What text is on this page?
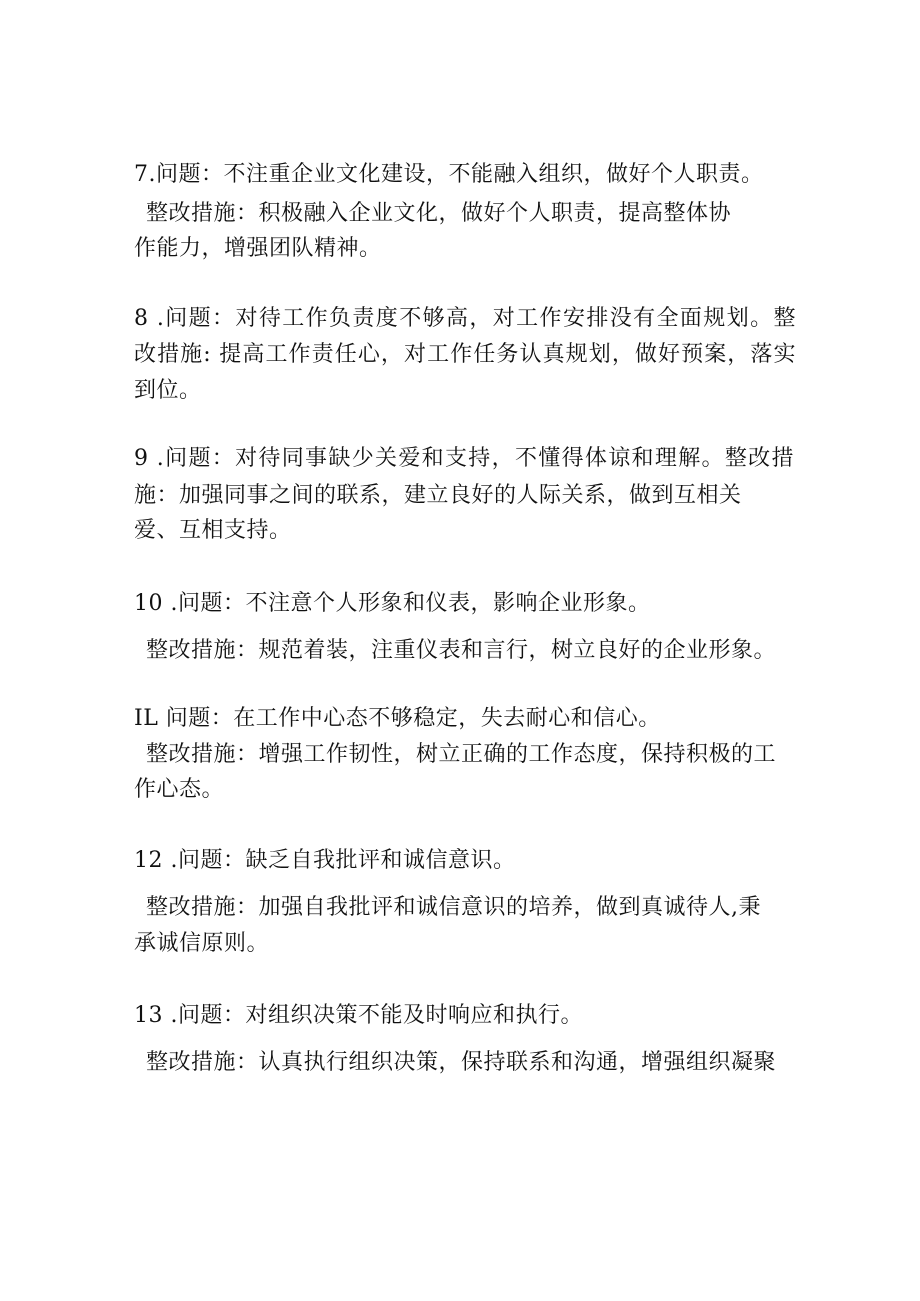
7.问题：不注重企业文化建设，不能融入组织，做好个人职责。
整改措施：积极融入企业文化，做好个人职责，提高整体协
作能力，增强团队精神。
8 .问题：对待工作负责度不够高，对工作安排没有全面规划。整
改措施: 提高工作责任心，对工作任务认真规划，做好预案，落实
到位。
9 .问题：对待同事缺少关爱和支持，不懂得体谅和理解。整改措
施：加强同事之间的联系，建立良好的人际关系，做到互相关
爱、互相支持。
10 .问题：不注意个人形象和仪表，影响企业形象。
整改措施：规范着装，注重仪表和言行，树立良好的企业形象。
IL 问题：在工作中心态不够稳定，失去耐心和信心。
整改措施：增强工作韧性，树立正确的工作态度，保持积极的工
作心态。
12 .问题：缺乏自我批评和诚信意识。
整改措施：加强自我批评和诚信意识的培养，做到真诚待人,秉
承诚信原则。
13 .问题：对组织决策不能及时响应和执行。
整改措施：认真执行组织决策，保持联系和沟通，增强组织凝聚
